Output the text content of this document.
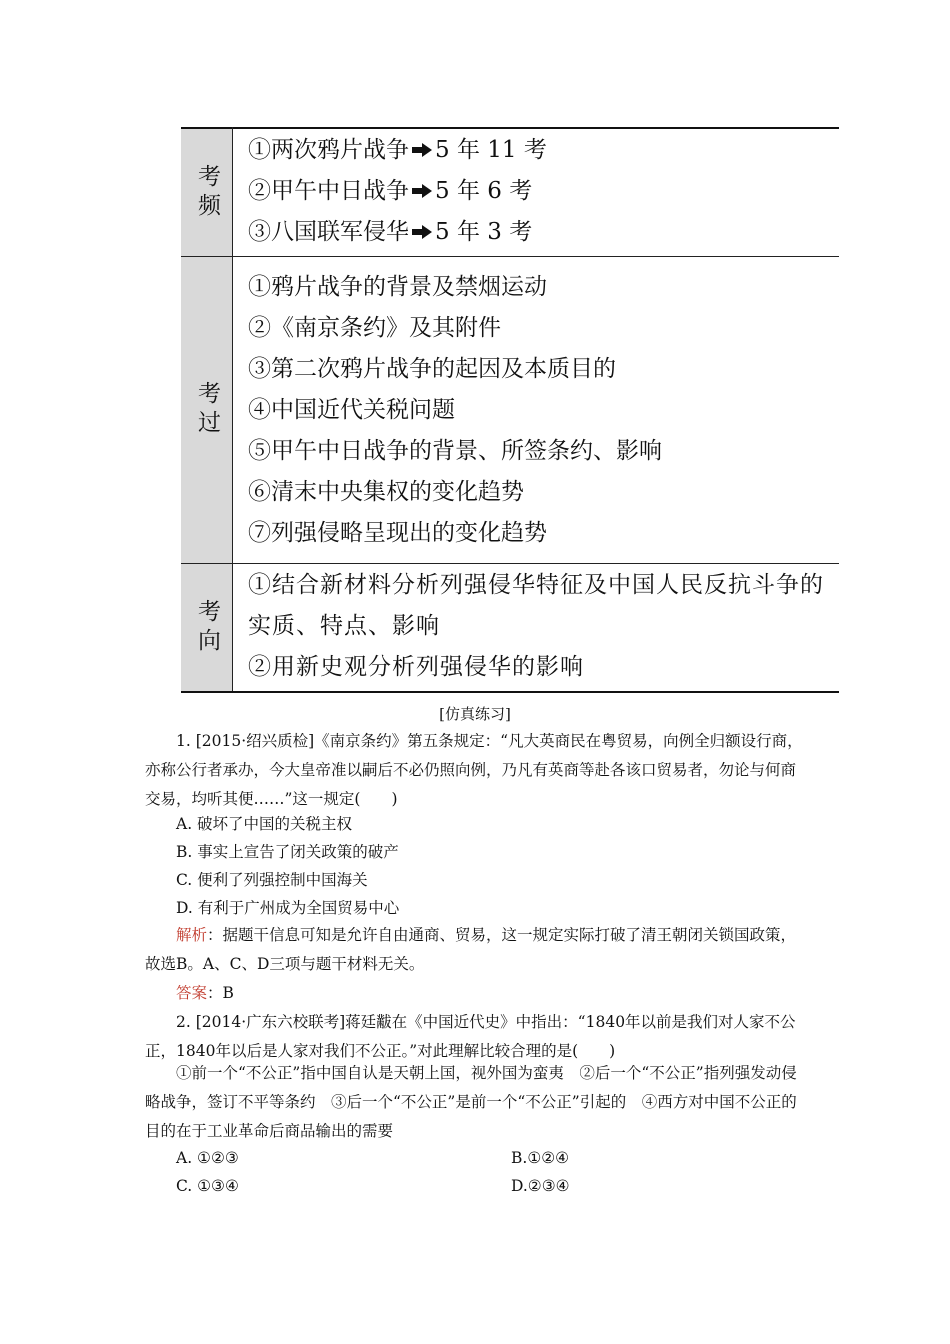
考频
①两次鸦片战争 5 年 11 考
②甲午中日战争 5 年 6 考
③八国联军侵华 5 年 3 考
考过
①鸦片战争的背景及禁烟运动
②《南京条约》及其附件
③第二次鸦片战争的起因及本质目的
④中国近代关税问题
⑤甲午中日战争的背景、所签条约、影响
⑥清末中央集权的变化趋势
⑦列强侵略呈现出的变化趋势
考向
①结合新材料分析列强侵华特征及中国人民反抗斗争的实质、特点、影响
②用新史观分析列强侵华的影响
[仿真练习]
1. [2015·绍兴质检]《南京条约》第五条规定：“凡大英商民在粤贸易，向例全归额设行商，亦称公行者承办，今大皇帝准以嗣后不必仍照向例，乃凡有英商等赴各该口贸易者，勿论与何商交易，均听其便……”这一规定(　　)
A. 破坏了中国的关税主权
B. 事实上宣告了闭关政策的破产
C. 便利了列强控制中国海关
D. 有利于广州成为全国贸易中心
解析：据题干信息可知是允许自由通商、贸易，这一规定实际打破了清王朝闭关锁国政策，故选B。A、C、D三项与题干材料无关。
答案：B
2. [2014·广东六校联考]蒋廷黻在《中国近代史》中指出：“1840年以前是我们对人家不公正，1840年以后是人家对我们不公正。”对此理解比较合理的是(　　)
①前一个“不公正”指中国自认是天朝上国，视外国为蛮夷　②后一个“不公正”指列强发动侵略战争，签订不平等条约　③后一个“不公正”是前一个“不公正”引起的　④西方对中国不公正的目的在于工业革命后商品输出的需要
A. ①②③	B.①②④
C. ①③④	D.②③④
